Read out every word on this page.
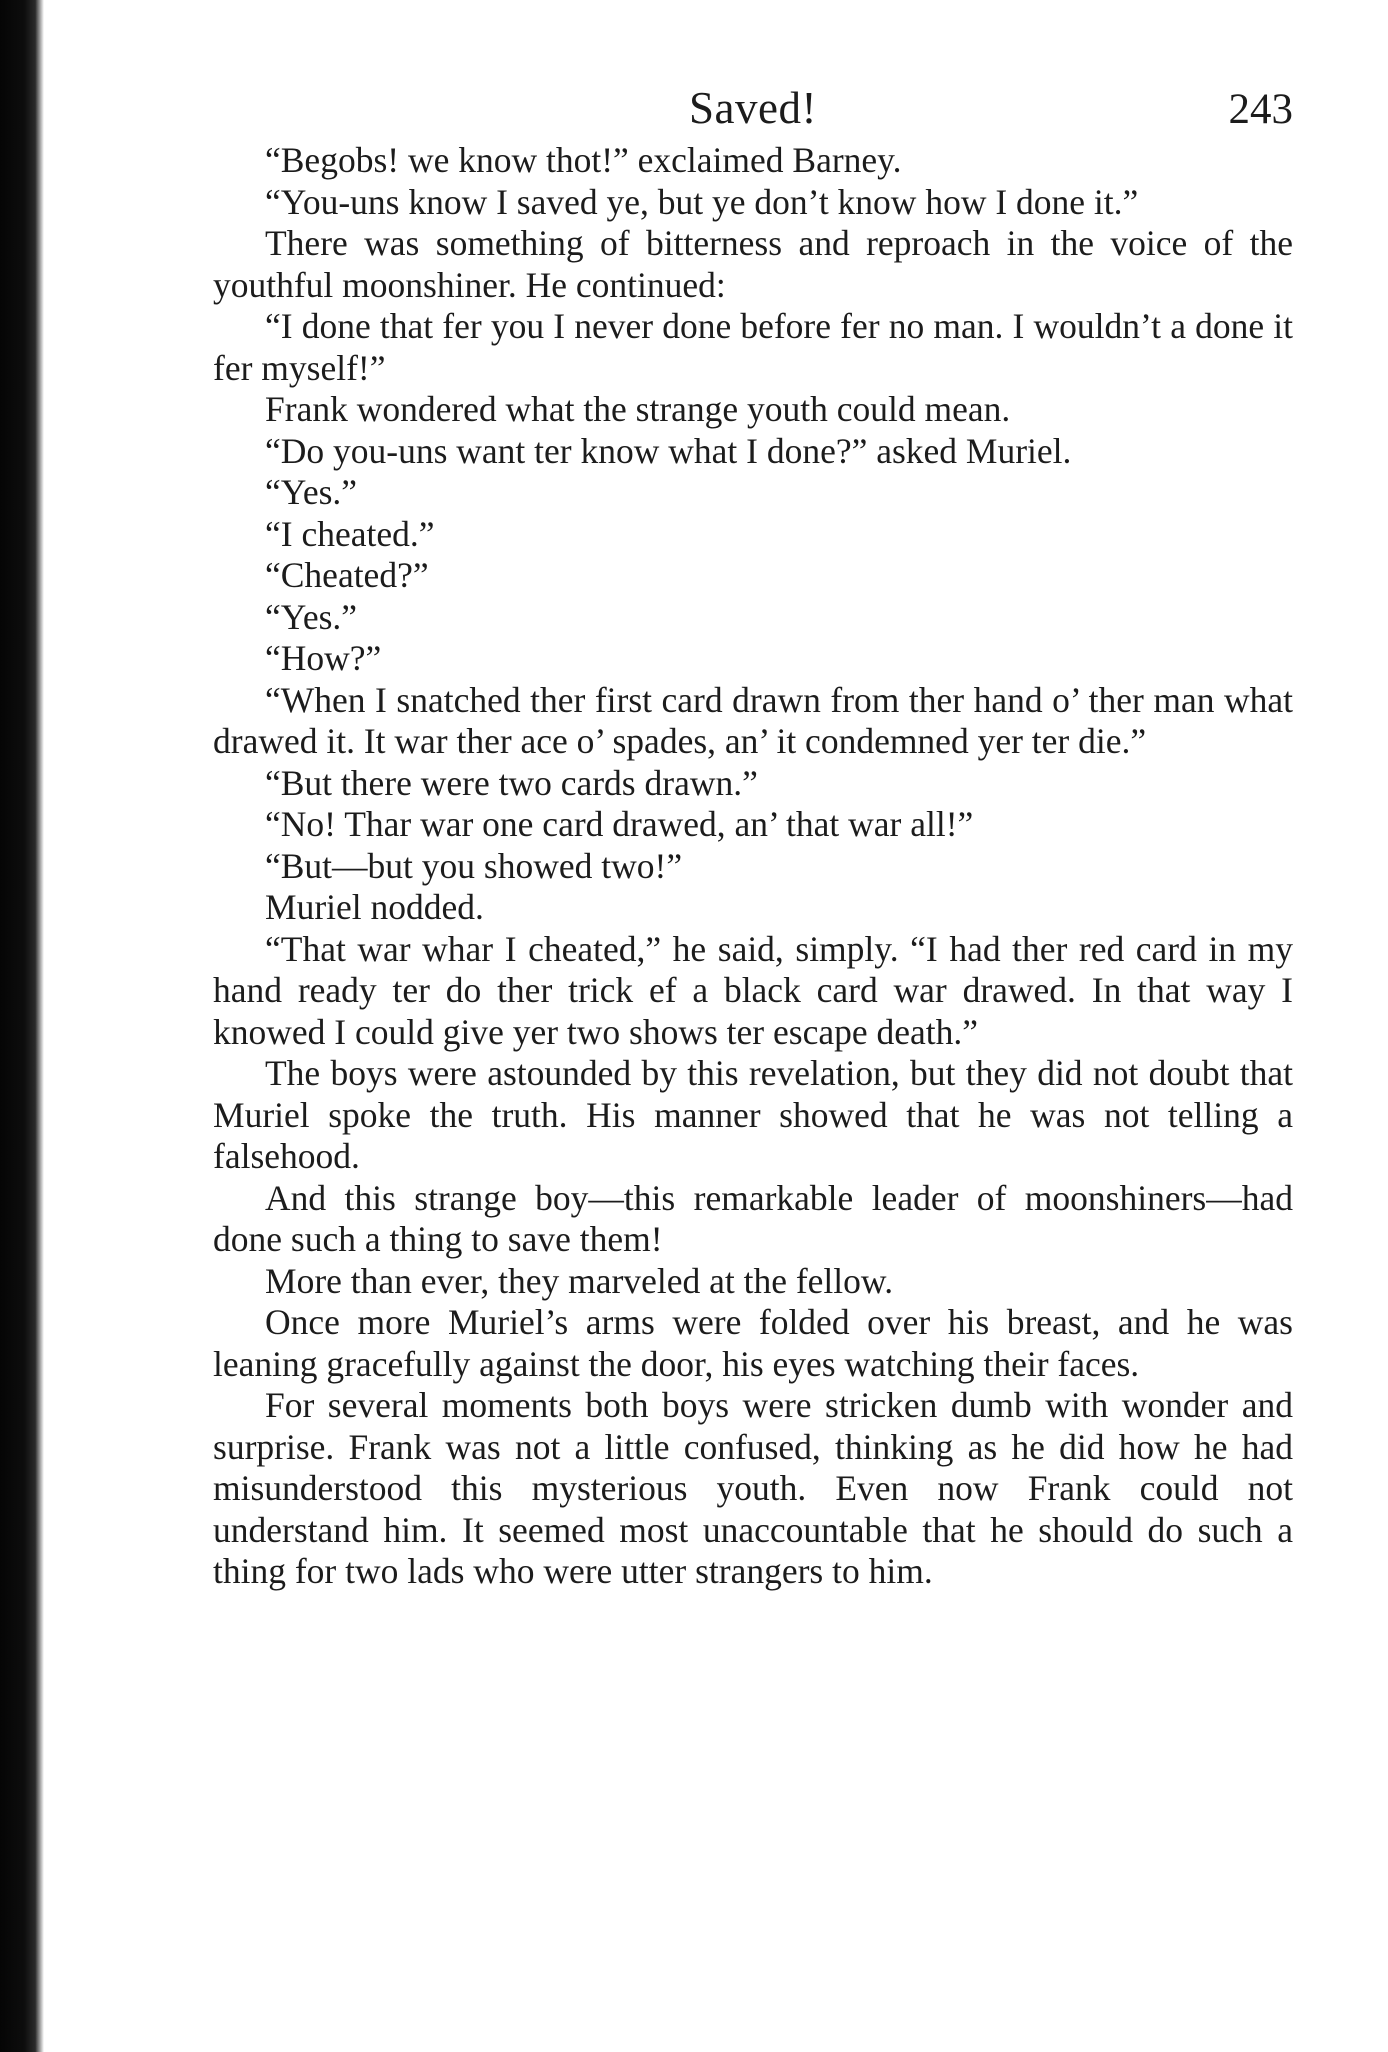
Saved!	243

“Begobs! we know thot!” exclaimed Barney.

“You-uns know I saved ye, but ye don’t know how I done it.”

There was something of bitterness and reproach in the voice of the youthful moonshiner. He continued:

“I done that fer you I never done before fer no man. I wouldn’t a done it fer myself!”

Frank wondered what the strange youth could mean.

“Do you-uns want ter know what I done?” asked Muriel.

“Yes.”

“I cheated.”

“Cheated?”

“Yes.”

“How?”

“When I snatched ther first card drawn from ther hand o’ ther man what drawed it. It war ther ace o’ spades, an’ it condemned yer ter die.”

“But there were two cards drawn.”

“No! Thar war one card drawed, an’ that war all!”

“But—but you showed two!”

Muriel nodded.

“That war whar I cheated,” he said, simply. “I had ther red card in my hand ready ter do ther trick ef a black card war drawed. In that way I knowed I could give yer two shows ter escape death.”

The boys were astounded by this revelation, but they did not doubt that Muriel spoke the truth. His manner showed that he was not telling a falsehood.

And this strange boy—this remarkable leader of moonshiners—had done such a thing to save them!

More than ever, they marveled at the fellow.

Once more Muriel’s arms were folded over his breast, and he was leaning gracefully against the door, his eyes watching their faces.

For several moments both boys were stricken dumb with wonder and surprise. Frank was not a little confused, thinking as he did how he had misunderstood this mysterious youth. Even now Frank could not understand him. It seemed most unaccountable that he should do such a thing for two lads who were utter strangers to him.
